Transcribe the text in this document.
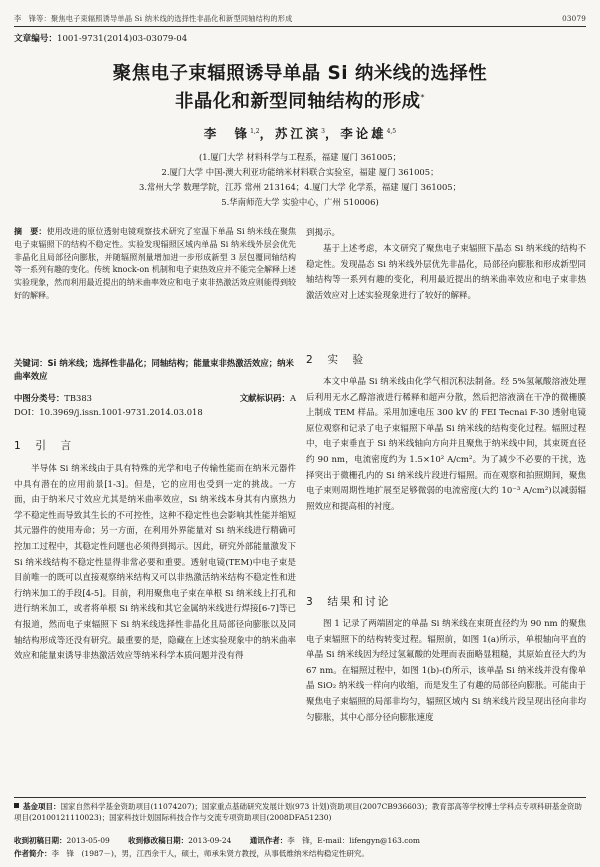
李　锋等：聚焦电子束辐照诱导单晶 Si 纳米线的选择性非晶化和新型同轴结构的形成	03079
文章编号：1001-9731(2014)03-03079-04
聚焦电子束辐照诱导单晶 Si 纳米线的选择性
非晶化和新型同轴结构的形成*
李　锋$^{1,2}$，苏江滨$^3$，李论雄$^{4,5}$
(1.厦门大学 材料科学与工程系，福建 厦门 361005；
2.厦门大学 中国-澳大利亚功能纳米材料联合实验室，福建 厦门 361005；
3.常州大学 数理学院，江苏 常州 213164；4.厦门大学 化学系，福建 厦门 361005；
5.华南师范大学 实验中心，广州 510006)
摘　要：使用改进的原位透射电镜观察技术研究了室温下单晶 Si 纳米线在聚焦电子束辐照下的结构不稳定性。实验发现辐照区域内单晶 Si 纳米线外层会优先非晶化且局部径向膨胀，并随辐照剂量增加进一步形成新型 3 层包覆同轴结构等一系列有趣的变化。传统 knock-on 机制和电子束热效应并不能完全解释上述实验现象，然而利用最近提出的纳米曲率效应和电子束非热激活效应则能得到较好的解释。
关键词：Si 纳米线；选择性非晶化；同轴结构；能量束非热激活效应；纳米曲率效应
中图分类号：TB383	文献标识码：A
DOI：10.3969/j.issn.1001-9731.2014.03.018
1　引　言
半导体 Si 纳米线由于具有特殊的光学和电子传输性能而在纳米元器件中具有潜在的应用前景[1-3]。但是，它的应用也受到一定的挑战。一方面，由于纳米尺寸效应尤其是纳米曲率效应，Si 纳米线本身其有内禀热力学不稳定性而导致其生长的不可控性，这种不稳定性也会影响其性能并缩短其元器件的使用寿命；另一方面，在利用外界能量对 Si 纳米线进行精确可控加工过程中，其稳定性问题也必须得到揭示。因此，研究外部能量激发下 Si 纳米线结构不稳定性显得非常必要和重要。透射电镜(TEM)中电子束是目前唯一的既可以直接观察纳米结构又可以非热激活纳米结构不稳定性和进行纳米加工的手段[4-5]。目前，利用聚焦电子束在单根 Si 纳米线上打孔和进行纳米加工，或者将单根 Si 纳米线和其它金属纳米线进行焊接[6-7]等已有报道，然而电子束辐照下 Si 纳米线选择性非晶化且局部径向膨胀以及同轴结构形成等还没有研究。最重要的是，隐藏在上述实验现象中的纳米曲率效应和能量束诱导非热激活效应等纳米科学本质问题并没有得
到揭示。
基于上述考虑，本文研究了聚焦电子束辐照下晶态 Si 纳米线的结构不稳定性。发现晶态 Si 纳米线外层优先非晶化，局部径向膨胀和形成新型同轴结构等一系列有趣的变化，利用最近提出的纳米曲率效应和电子束非热激活效应对上述实验现象进行了较好的解释。
2　实　验
本文中单晶 Si 纳米线由化学气相沉积法制备。经 5%氢氟酸溶液处理后利用无水乙醇溶液进行稀释和超声分散，然后把溶液滴在干净的微栅膜上制成 TEM 样品。采用加速电压 300 kV 的 FEI Tecnai F-30 透射电镜原位观察和记录了电子束辐照下单晶 Si 纳米线的结构变化过程。辐照过程中，电子束垂直于 Si 纳米线轴向方向并且聚焦于纳米线中间，其束斑直径约 90 nm，电流密度约为 1.5×10² A/cm²。为了减少不必要的干扰，选择突出于微栅孔内的 Si 纳米线片段进行辐照。而在观察和拍照期间，聚焦电子束则周期性地扩展至足够微弱的电流密度(大约 10⁻³ A/cm²)以减弱辐照效应和提高相的衬度。
3　结果和讨论
图 1 记录了两端固定的单晶 Si 纳米线在束斑直径约为 90 nm 的聚焦电子束辐照下的结构转变过程。辐照前，如图 1(a)所示，单根轴向平直的单晶 Si 纳米线因为经过氢氟酸的处理而表面略显粗糙，其原始直径大约为 67 nm。在辐照过程中，如图 1(b)-(f)所示，该单晶 Si 纳米线并没有像单晶 SiO₂ 纳米线一样向内收缩，而是发生了有趣的局部径向膨胀。可能由于聚焦电子束辐照的局部非均匀，辐照区域内 Si 纳米线片段呈现出径向非均匀膨胀，其中心部分径向膨胀速度
基金项目：国家自然科学基金资助项目(11074207)；国家重点基础研究发展计划(973 计划)资助项目(2007CB936603)；教育部高等学校博士学科点专项科研基金资助项目(20100121110023)；国家科技计划国际科技合作与交流专项资助项目(2008DFA51230)
收到初稿日期：2013-05-09 收到修改稿日期：2013-09-24 通讯作者：李　锋，E-mail：lifengyn@163.com
作者简介：李　锋　(1987－)，男，江西余干人，硕士，师承朱贤方教授，从事低维纳米结构稳定性研究。
